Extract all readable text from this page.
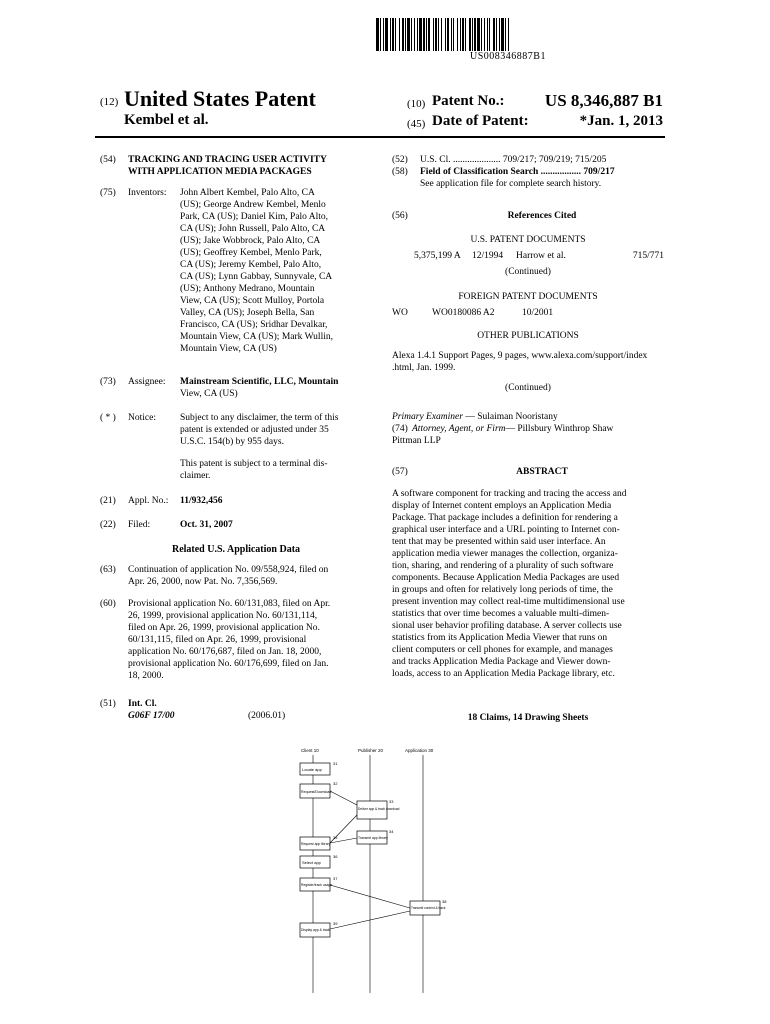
US008346887B1
(12) United States Patent
Kembel et al.
(10) Patent No.:	US 8,346,887 B1
(45) Date of Patent:	*Jan. 1, 2013
(54)	TRACKING AND TRACING USER ACTIVITY
WITH APPLICATION MEDIA PACKAGES
(75)	Inventors:	John Albert Kembel, Palo Alto, CA
(US); George Andrew Kembel, Menlo
Park, CA (US); Daniel Kim, Palo Alto,
CA (US); John Russell, Palo Alto, CA
(US); Jake Wobbrock, Palo Alto, CA
(US); Geoffrey Kembel, Menlo Park,
CA (US); Jeremy Kembel, Palo Alto,
CA (US); Lynn Gabbay, Sunnyvale, CA
(US); Anthony Medrano, Mountain
View, CA (US); Scott Mulloy, Portola
Valley, CA (US); Joseph Bella, San
Francisco, CA (US); Sridhar Devalkar,
Mountain View, CA (US); Mark Wullin,
Mountain View, CA (US)
(73)	Assignee:	Mainstream Scientific, LLC, Mountain
View, CA (US)
( * )	Notice:	Subject to any disclaimer, the term of this
patent is extended or adjusted under 35
U.S.C. 154(b) by 955 days.
This patent is subject to a terminal dis-
claimer.
(21)	Appl. No.:	11/932,456
(22)	Filed:	Oct. 31, 2007
Related U.S. Application Data
(63)	Continuation of application No. 09/558,924, filed on
Apr. 26, 2000, now Pat. No. 7,356,569.
(60)	Provisional application No. 60/131,083, filed on Apr.
26, 1999, provisional application No. 60/131,114,
filed on Apr. 26, 1999, provisional application No.
60/131,115, filed on Apr. 26, 1999, provisional
application No. 60/176,687, filed on Jan. 18, 2000,
provisional application No. 60/176,699, filed on Jan.
18, 2000.
(51)	Int. Cl.
G06F 17/00	(2006.01)
(52)	U.S. Cl. .................... 709/217; 709/219; 715/205
(58)	Field of Classification Search ................. 709/217
See application file for complete search history.
(56)	References Cited
U.S. PATENT DOCUMENTS
5,375,199 A	12/1994	Harrow et al.	715/771
(Continued)
FOREIGN PATENT DOCUMENTS
WO	WO0180086 A2	10/2001
OTHER PUBLICATIONS
Alexa 1.4.1 Support Pages, 9 pages, www.alexa.com/support/index
.html, Jan. 1999.
(Continued)
Primary Examiner — Sulaiman Nooristany
(74) Attorney, Agent, or Firm — Pillsbury Winthrop Shaw
Pittman LLP
(57)	ABSTRACT
A software component for tracking and tracing the access and
display of Internet content employs an Application Media
Package. That package includes a definition for rendering a
graphical user interface and a URL pointing to Internet con-
tent that may be presented within said user interface. An
application media viewer manages the collection, organiza-
tion, sharing, and rendering of a plurality of such software
components. Because Application Media Packages are used
in groups and often for relatively long periods of time, the
present invention may collect real-time multidimensional use
statistics that over time becomes a valuable multi-dimen-
sional user behavior profiling database. A server collects use
statistics from its Application Media Viewer that runs on
client computers or cell phones for example, and manages
and tracks Application Media Package and Viewer down-
loads, access to an Application Media Package library, etc.
18 Claims, 14 Drawing Sheets
Client 10	Publisher 20	Application 30
Locate app
Request/Download
Deliver app & track download
Request app library
Transmit app library
Select app
Register/track usage
Transmit content & track
Display app & track
31
32
33
34
35
36
37
38
39
